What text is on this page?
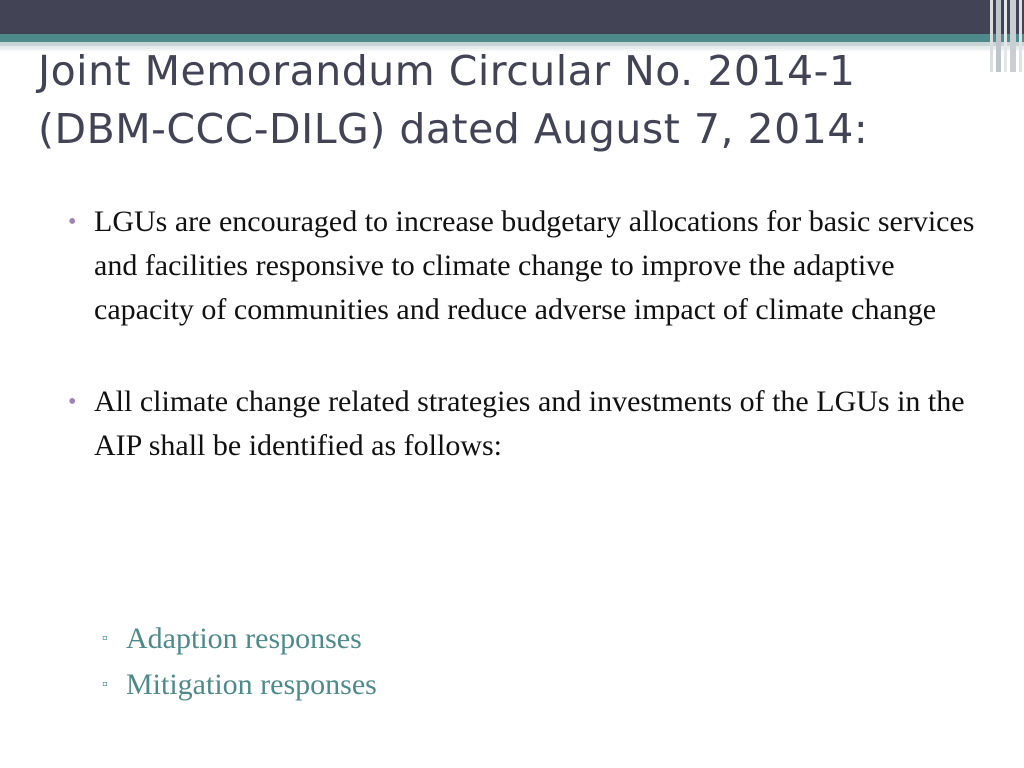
Joint Memorandum Circular No. 2014-1
(DBM-CCC-DILG) dated August 7, 2014:
• LGUs are encouraged to increase budgetary allocations for basic services and facilities responsive to climate change to improve the adaptive capacity of communities and reduce adverse impact of climate change
• All climate change related strategies and investments of the LGUs in the AIP shall be identified as follows:
▫ Adaption responses
▫ Mitigation responses
